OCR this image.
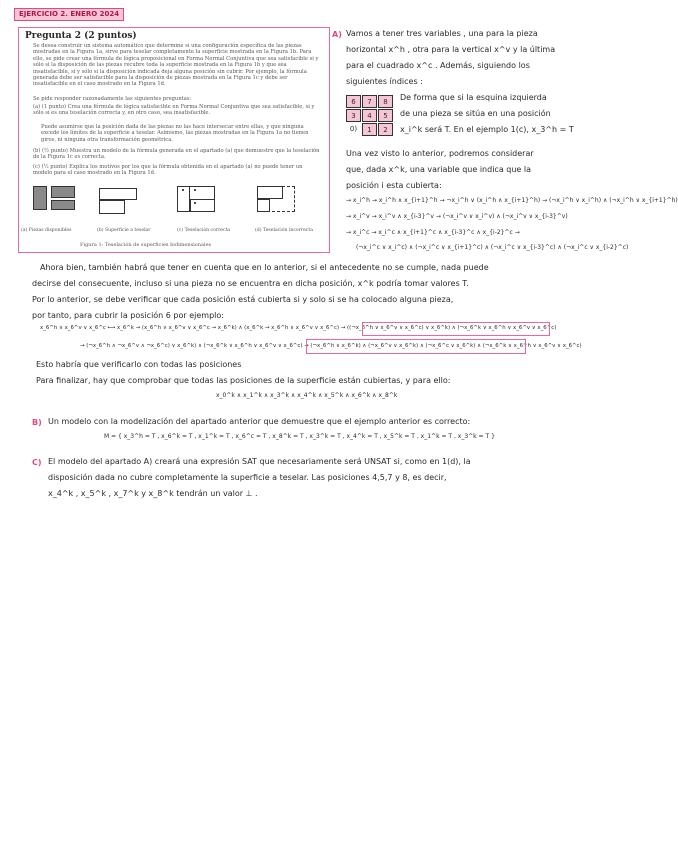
EJERCICIO 2. ENERO 2024
Pregunta 2 (2 puntos)
Se desea construir un sistema automático que determine si una configuración específica de las piezas mostradas en la Figura 1a, sirve para teselar completamente la superficie mostrada en la Figura 1b. Para ello, se pide crear una fórmula de lógica proposicional en Forma Normal Conjuntiva que sea satisfacible si y sólo si la disposición de las piezas recubre toda la superficie mostrada en la Figura 1b y que sea insatisfacible, si y sólo si la disposición indicada deja alguna posición sin cubrir. Por ejemplo, la fórmula generada debe ser satisfacible para la disposición de piezas mostrada en la Figura 1c y debe ser insatisfacible en el caso mostrado en la Figura 1d.
Se pide responder razonadamente las siguientes preguntas:
(a) (1 punto) Crea una fórmula de lógica satisfacible en Forma Normal Conjuntiva que sea satisfacible, si y sólo si es una teselación correcta y, en otro caso, sea insatisfacible.
Puede asumirse que la posición dada de las piezas no las hace intersecar entre ellas, y que ninguna excede los límites de la superficie a teselar. Asimismo, las piezas mostradas en la Figura 1a no tienen giros, ni ninguna otra transformación geométrica.
(b) (½ punto) Muestra un modelo de la fórmula generada en el apartado (a) que demuestre que la teselación de la Figura 1c es correcta.
(c) (½ punto) Explica los motivos por los que la fórmula obtenida en el apartado (a) no puede tener un modelo para el caso mostrado en la Figura 1d.
(a) Piezas disponibles	(b) Superficie a teselar	(c) Teselación correcta	(d) Teselación incorrecta
Figura 1: Teselación de superficies bidimensionales
A) Vamos a tener tres variables , una para la pieza
horizontal x^h , otra para la vertical x^v y la última
para el cuadrado x^c . Además, siguiendo los
siguientes índices :
6	7	8
3	4	5
0)	1	2
De forma que si la esquina izquierda
de una pieza se sitúa en una posición
x_i^k será T. En el ejemplo 1(c), x_3^h = T
Una vez visto lo anterior, podremos considerar
que, dada x^k, una variable que indica que la
posición i esta cubierta:
→ x_i^h → x_i^h ∧ x_{i+1}^h → ¬x_i^h ∨ (x_i^h ∧ x_{i+1}^h) → (¬x_i^h ∨ x_i^h) ∧ (¬x_i^h ∨ x_{i+1}^h)
→ x_i^v → x_i^v ∧ x_{i-3}^v → (¬x_i^v ∨ x_i^v) ∧ (¬x_i^v ∨ x_{i-3}^v)
→ x_i^c → x_i^c ∧ x_{i+1}^c ∧ x_{i-3}^c ∧ x_{i-2}^c →
(¬x_i^c ∨ x_i^c) ∧ (¬x_i^c ∨ x_{i+1}^c) ∧ (¬x_i^c ∨ x_{i-3}^c) ∧ (¬x_i^c ∨ x_{i-2}^c)
Ahora bien, también habrá que tener en cuenta que en lo anterior, si el antecedente no se cumple, nada puede
decirse del consecuente, incluso si una pieza no se encuentra en dicha posición, x^k podría tomar valores T.
Por lo anterior, se debe verificar que cada posición está cubierta si y solo si se ha colocado alguna pieza,
por tanto, para cubrir la posición 6 por ejemplo:
x_6^h ∨ x_6^v ∨ x_6^c ⟷ x_6^k → (x_6^h ∨ x_6^v ∨ x_6^c → x_6^k) ∧ (x_6^k → x_6^h ∨ x_6^v ∨ x_6^c) → ((¬x_6^h ∨ x_6^v ∨ x_6^c) ∨ x_6^k) ∧ (¬x_6^k ∨ x_6^h ∨ x_6^v ∨ x_6^c)
→ (¬x_6^h ∧ ¬x_6^v ∧ ¬x_6^c) ∨ x_6^k) ∧ (¬x_6^k ∨ x_6^h ∨ x_6^v ∨ x_6^c) → (¬x_6^h ∨ x_6^k) ∧ (¬x_6^v ∨ x_6^k) ∧ (¬x_6^c ∨ x_6^k) ∧ (¬x_6^k ∨ x_6^h ∨ x_6^v ∨ x_6^c)
Esto habría que verificarlo con todas las posiciones
Para finalizar, hay que comprobar que todas las posiciones de la superficie están cubiertas, y para ello:
x_0^k ∧ x_1^k ∧ x_3^k ∧ x_4^k ∧ x_5^k ∧ x_6^k ∧ x_8^k
B) Un modelo con la modelización del apartado anterior que demuestre que el ejemplo anterior es correcto:
M = { x_3^h = T , x_6^k = T , x_1^k = T , x_6^c = T , x_8^k = T , x_3^k = T , x_4^k = T , x_5^k = T , x_1^k = T , x_3^k = T }
C) El modelo del apartado A) creará una expresión SAT que necesariamente será UNSAT si, como en 1(d), la
disposición dada no cubre completamente la superficie a teselar. Las posiciones 4,5,7 y 8, es decir,
x_4^k , x_5^k , x_7^k y x_8^k tendrán un valor ⊥ .
